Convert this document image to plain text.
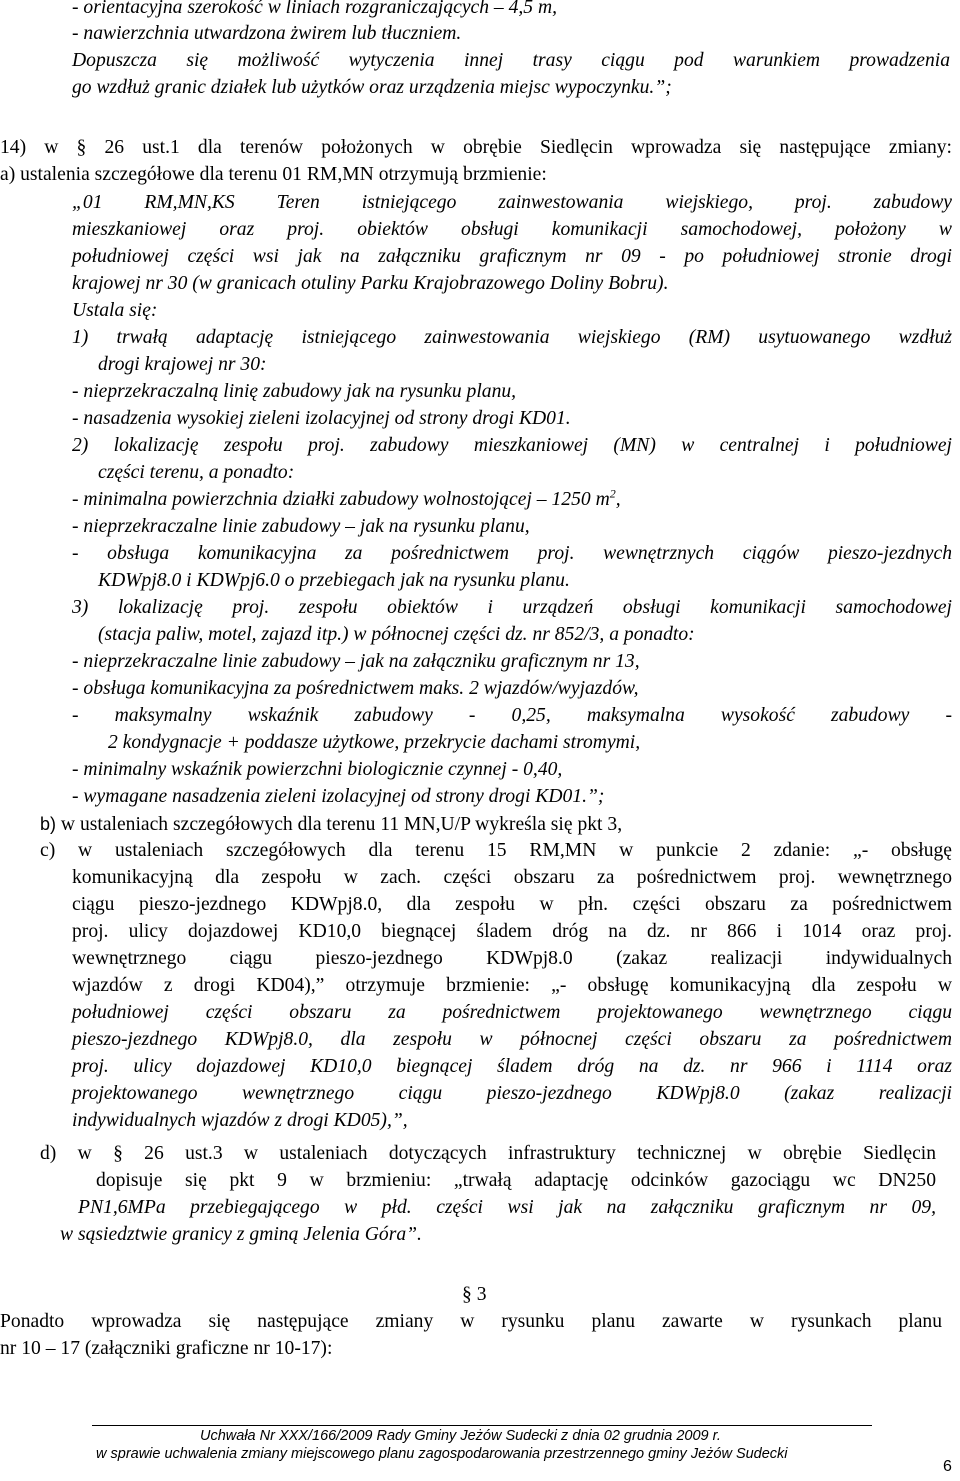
- orientacyjna szerokość w liniach rozgraniczających – 4,5 m,
- nawierzchnia utwardzona żwirem lub tłuczniem.
Dopuszcza się możliwość wytyczenia innej trasy ciągu pod warunkiem prowadzenia
go wzdłuż granic działek lub użytków oraz urządzenia miejsc wypoczynku.”;
14) w § 26 ust.1 dla terenów położonych w obrębie Siedlęcin wprowadza się następujące zmiany:
a) ustalenia szczegółowe dla terenu 01 RM,MN otrzymują brzmienie:
„01 RM,MN,KS Teren istniejącego zainwestowania wiejskiego, proj. zabudowy
mieszkaniowej oraz proj. obiektów obsługi komunikacji samochodowej, położony w
południowej części wsi jak na załączniku graficznym nr 09 - po południowej stronie drogi
krajowej nr 30 (w granicach otuliny Parku Krajobrazowego Doliny Bobru).
Ustala się:
1) trwałą adaptację istniejącego zainwestowania wiejskiego (RM) usytuowanego wzdłuż
drogi krajowej nr 30:
- nieprzekraczalną linię zabudowy jak na rysunku planu,
- nasadzenia wysokiej zieleni izolacyjnej od strony drogi KD01.
2) lokalizację zespołu proj. zabudowy mieszkaniowej (MN) w centralnej i południowej
części terenu, a ponadto:
- minimalna powierzchnia działki zabudowy wolnostojącej – 1250 $m^2$,
- nieprzekraczalne linie zabudowy – jak na rysunku planu,
- obsługa komunikacyjna za pośrednictwem proj. wewnętrznych ciągów pieszo-jezdnych
KDWpj8.0 i KDWpj6.0 o przebiegach jak na rysunku planu.
3) lokalizację proj. zespołu obiektów i urządzeń obsługi komunikacji samochodowej
(stacja paliw, motel, zajazd itp.) w północnej części dz. nr 852/3, a ponadto:
- nieprzekraczalne linie zabudowy – jak na załączniku graficznym nr 13,
- obsługa komunikacyjna za pośrednictwem maks. 2 wjazdów/wyjazdów,
- maksymalny wskaźnik zabudowy - 0,25, maksymalna wysokość zabudowy -
2 kondygnacje + poddasze użytkowe, przekrycie dachami stromymi,
- minimalny wskaźnik powierzchni biologicznie czynnej - 0,40,
- wymagane nasadzenia zieleni izolacyjnej od strony drogi KD01.”;
b) w ustaleniach szczegółowych dla terenu 11 MN,U/P wykreśla się pkt 3,
c) w ustaleniach szczegółowych dla terenu 15 RM,MN w punkcie 2 zdanie: „- obsługę
komunikacyjną dla zespołu w zach. części obszaru za pośrednictwem proj. wewnętrznego
ciągu pieszo-jezdnego KDWpj8.0, dla zespołu w płn. części obszaru za pośrednictwem
proj. ulicy dojazdowej KD10,0 biegnącej śladem dróg na dz. nr 866 i 1014 oraz proj.
wewnętrznego ciągu pieszo-jezdnego KDWpj8.0 (zakaz realizacji indywidualnych
wjazdów z drogi KD04),” otrzymuje brzmienie: „- obsługę komunikacyjną dla zespołu w
południowej części obszaru za pośrednictwem projektowanego wewnętrznego ciągu
pieszo-jezdnego KDWpj8.0, dla zespołu w północnej części obszaru za pośrednictwem
proj. ulicy dojazdowej KD10,0 biegnącej śladem dróg na dz. nr 966 i 1114 oraz
projektowanego wewnętrznego ciągu pieszo-jezdnego KDWpj8.0 (zakaz realizacji
indywidualnych wjazdów z drogi KD05),”,
d) w § 26 ust.3 w ustaleniach dotyczących infrastruktury technicznej w obrębie Siedlęcin
dopisuje się pkt 9 w brzmieniu: „trwałą adaptację odcinków gazociągu wc DN250
PN1,6MPa przebiegającego w płd. części wsi jak na załączniku graficznym nr 09,
w sąsiedztwie granicy z gminą Jelenia Góra”.
§ 3
Ponadto wprowadza się następujące zmiany w rysunku planu zawarte w rysunkach planu
nr 10 – 17 (załączniki graficzne nr 10-17):
Uchwała Nr XXX/166/2009 Rady Gminy Jeżów Sudecki z dnia 02 grudnia 2009 r.
w sprawie uchwalenia zmiany miejscowego planu zagospodarowania przestrzennego gminy Jeżów Sudecki
6
